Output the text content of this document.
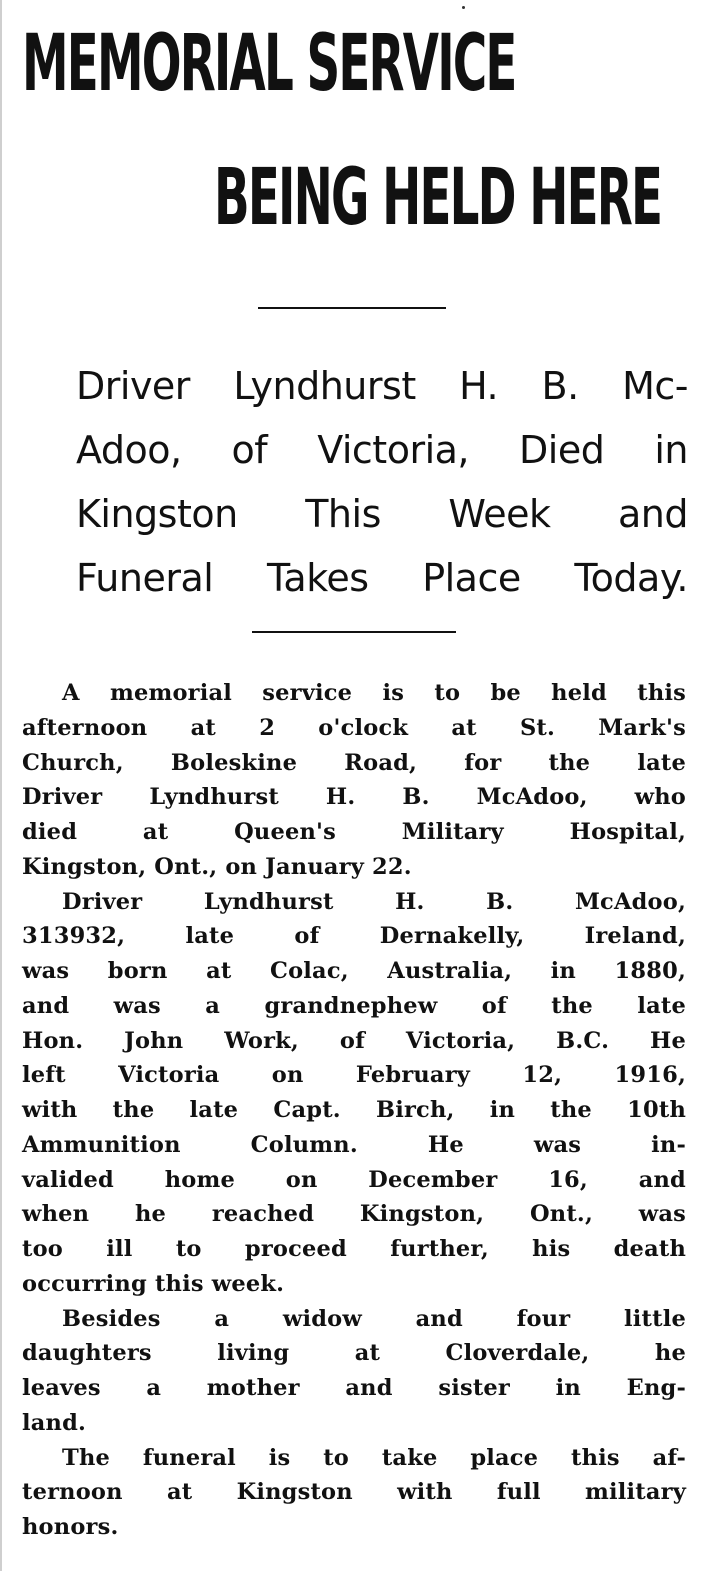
MEMORIAL SERVICE
BEING HELD HERE
Driver Lyndhurst H. B. Mc-
Adoo, of Victoria, Died in
Kingston This Week and
Funeral Takes Place Today.
A memorial service is to be held this
afternoon at 2 o'clock at St. Mark's
Church, Boleskine Road, for the late
Driver Lyndhurst H. B. McAdoo, who
died at Queen's Military Hospital,
Kingston, Ont., on January 22.
Driver Lyndhurst H. B. McAdoo,
313932, late of Dernakelly, Ireland,
was born at Colac, Australia, in 1880,
and was a grandnephew of the late
Hon. John Work, of Victoria, B.C. He
left Victoria on February 12, 1916,
with the late Capt. Birch, in the 10th
Ammunition Column. He was in-
valided home on December 16, and
when he reached Kingston, Ont., was
too ill to proceed further, his death
occurring this week.
Besides a widow and four little
daughters living at Cloverdale, he
leaves a mother and sister in Eng-
land.
The funeral is to take place this af-
ternoon at Kingston with full military
honors.
